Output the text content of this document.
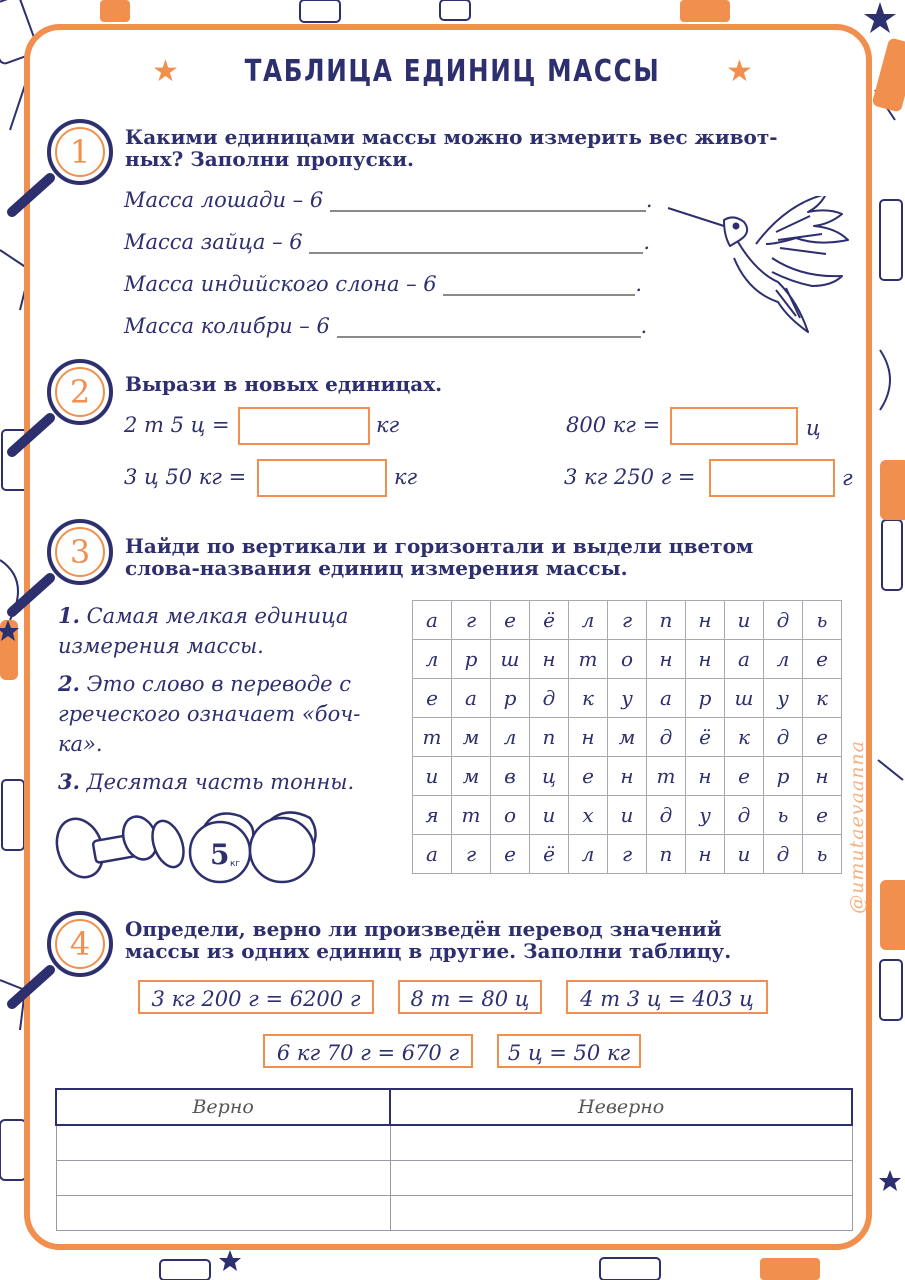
★ ТАБЛИЦА ЕДИНИЦ МАССЫ ★
1 Какими единицами массы можно измерить вес живот-
ных? Заполни пропуски.
Масса лошади – 6	.
Масса зайца – 6	.
Масса индийского слона – 6	.
Масса колибри – 6	.
2 Вырази в новых единицах.
2 т 5 ц =	кг	800 кг =	ц
3 ц 50 кг =	кг	3 кг 250 г =	г
3 Найди по вертикали и горизонтали и выдели цветом
слова-названия единиц измерения массы.
1. Самая мелкая единица
измерения массы.
2. Это слово в переводе с
греческого означает «боч-
ка».
3. Десятая часть тонны.
5 кг
а	г	е	ё	л	г	п	н	и	д	ь
л	р	ш	н	т	о	н	н	а	л	е
е	а	р	д	к	у	а	р	ш	у	к
т	м	л	п	н	м	д	ё	к	д	е
и	м	в	ц	е	н	т	н	е	р	н
я	т	о	и	х	и	д	у	д	ь	е
а	г	е	ё	л	г	п	н	и	д	ь @umutaevaanna
4 Определи, верно ли произведён перевод значений
массы из одних единиц в другие. Заполни таблицу.
3 кг 200 г = 6200 г	8 т = 80 ц	4 т 3 ц = 403 ц
6 кг 70 г = 670 г	5 ц = 50 кг
Верно	Неверно
